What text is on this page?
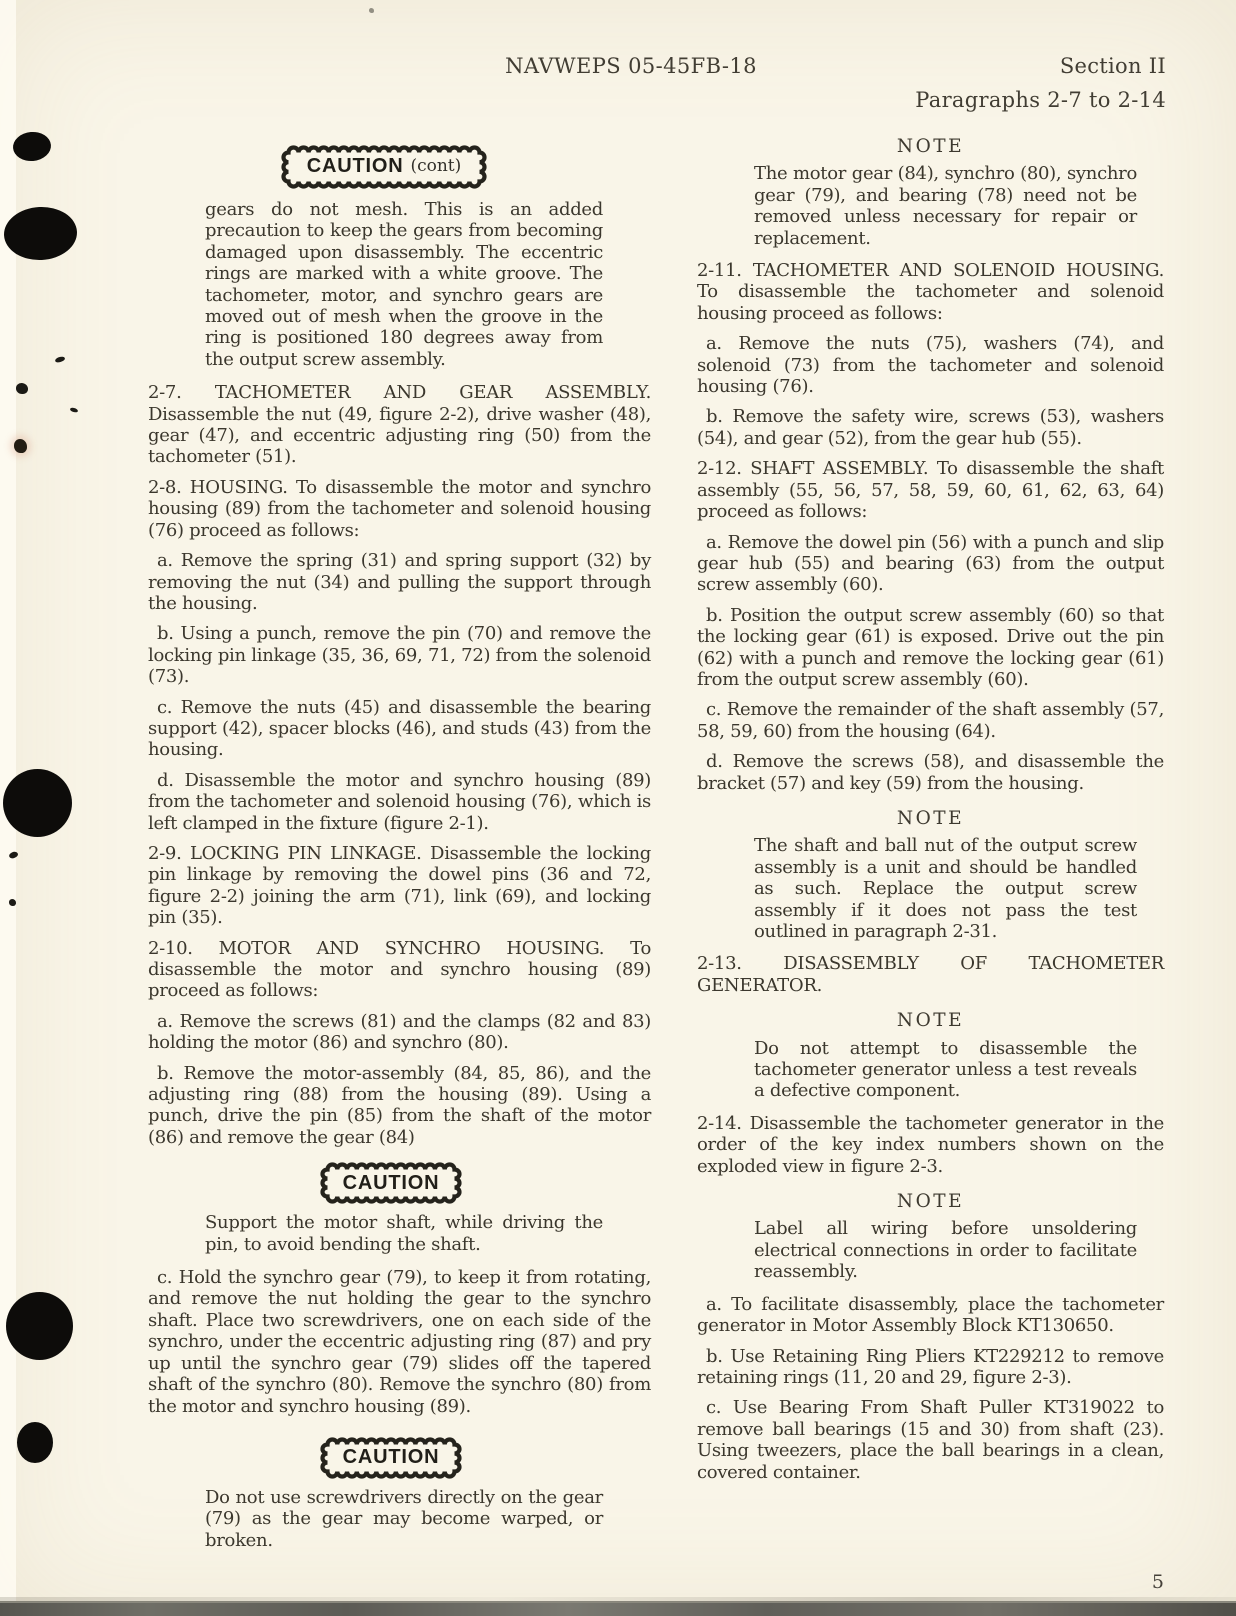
NAVWEPS 05-45FB-18	Section II
Paragraphs 2-7 to 2-14
CAUTION (cont)

gears do not mesh. This is an added precaution to keep the gears from becoming damaged upon disassembly. The eccentric rings are marked with a white groove. The tachometer, motor, and synchro gears are moved out of mesh when the groove in the ring is positioned 180 degrees away from the output screw assembly.

2-7. TACHOMETER AND GEAR ASSEMBLY. Disassemble the nut (49, figure 2-2), drive washer (48), gear (47), and eccentric adjusting ring (50) from the tachometer (51).

2-8. HOUSING. To disassemble the motor and synchro housing (89) from the tachometer and solenoid housing (76) proceed as follows:

a. Remove the spring (31) and spring support (32) by removing the nut (34) and pulling the support through the housing.

b. Using a punch, remove the pin (70) and remove the locking pin linkage (35, 36, 69, 71, 72) from the solenoid (73).

c. Remove the nuts (45) and disassemble the bearing support (42), spacer blocks (46), and studs (43) from the housing.

d. Disassemble the motor and synchro housing (89) from the tachometer and solenoid housing (76), which is left clamped in the fixture (figure 2-1).

2-9. LOCKING PIN LINKAGE. Disassemble the locking pin linkage by removing the dowel pins (36 and 72, figure 2-2) joining the arm (71), link (69), and locking pin (35).

2-10. MOTOR AND SYNCHRO HOUSING. To disassemble the motor and synchro housing (89) proceed as follows:

a. Remove the screws (81) and the clamps (82 and 83) holding the motor (86) and synchro (80).

b. Remove the motor-assembly (84, 85, 86), and the adjusting ring (88) from the housing (89). Using a punch, drive the pin (85) from the shaft of the motor (86) and remove the gear (84)

CAUTION

Support the motor shaft, while driving the pin, to avoid bending the shaft.

c. Hold the synchro gear (79), to keep it from rotating, and remove the nut holding the gear to the synchro shaft. Place two screwdrivers, one on each side of the synchro, under the eccentric adjusting ring (87) and pry up until the synchro gear (79) slides off the tapered shaft of the synchro (80). Remove the synchro (80) from the motor and synchro housing (89).

CAUTION

Do not use screwdrivers directly on the gear (79) as the gear may become warped, or broken.

NOTE

The motor gear (84), synchro (80), synchro gear (79), and bearing (78) need not be removed unless necessary for repair or replacement.

2-11. TACHOMETER AND SOLENOID HOUSING. To disassemble the tachometer and solenoid housing proceed as follows:

a. Remove the nuts (75), washers (74), and solenoid (73) from the tachometer and solenoid housing (76).

b. Remove the safety wire, screws (53), washers (54), and gear (52), from the gear hub (55).

2-12. SHAFT ASSEMBLY. To disassemble the shaft assembly (55, 56, 57, 58, 59, 60, 61, 62, 63, 64) proceed as follows:

a. Remove the dowel pin (56) with a punch and slip gear hub (55) and bearing (63) from the output screw assembly (60).

b. Position the output screw assembly (60) so that the locking gear (61) is exposed. Drive out the pin (62) with a punch and remove the locking gear (61) from the output screw assembly (60).

c. Remove the remainder of the shaft assembly (57, 58, 59, 60) from the housing (64).

d. Remove the screws (58), and disassemble the bracket (57) and key (59) from the housing.

NOTE

The shaft and ball nut of the output screw assembly is a unit and should be handled as such. Replace the output screw assembly if it does not pass the test outlined in paragraph 2-31.

2-13. DISASSEMBLY OF TACHOMETER GENERATOR.

NOTE

Do not attempt to disassemble the tachometer generator unless a test reveals a defective component.

2-14. Disassemble the tachometer generator in the order of the key index numbers shown on the exploded view in figure 2-3.

NOTE

Label all wiring before unsoldering electrical connections in order to facilitate reassembly.

a. To facilitate disassembly, place the tachometer generator in Motor Assembly Block KT130650.

b. Use Retaining Ring Pliers KT229212 to remove retaining rings (11, 20 and 29, figure 2-3).

c. Use Bearing From Shaft Puller KT319022 to remove ball bearings (15 and 30) from shaft (23). Using tweezers, place the ball bearings in a clean, covered container.

5
